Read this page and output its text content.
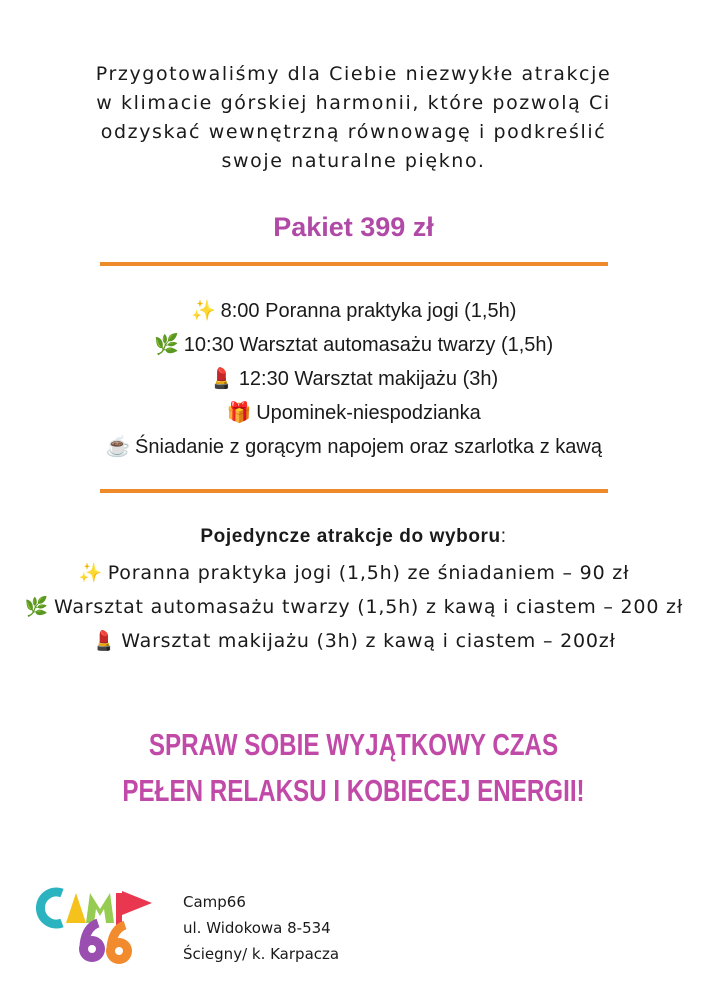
Przygotowaliśmy dla Ciebie niezwykłe atrakcje
w klimacie górskiej harmonii, które pozwolą Ci
odzyskać wewnętrzną równowagę i podkreślić
swoje naturalne piękno.
Pakiet 399 zł
✨ 8:00 Poranna praktyka jogi (1,5h)
🌿 10:30 Warsztat automasażu twarzy (1,5h)
💄 12:30 Warsztat makijażu (3h)
🎁 Upominek-niespodzianka
☕ Śniadanie z gorącym napojem oraz szarlotka z kawą
Pojedyncze atrakcje do wyboru:
✨ Poranna praktyka jogi (1,5h) ze śniadaniem – 90 zł
🌿 Warsztat automasażu twarzy (1,5h) z kawą i ciastem – 200 zł
💄 Warsztat makijażu (3h) z kawą i ciastem – 200zł
SPRAW SOBIE WYJĄTKOWY CZAS
PEŁEN RELAKSU I KOBIECEJ ENERGII!
Camp66
ul. Widokowa 8-534
Ściegny/ k. Karpacza
